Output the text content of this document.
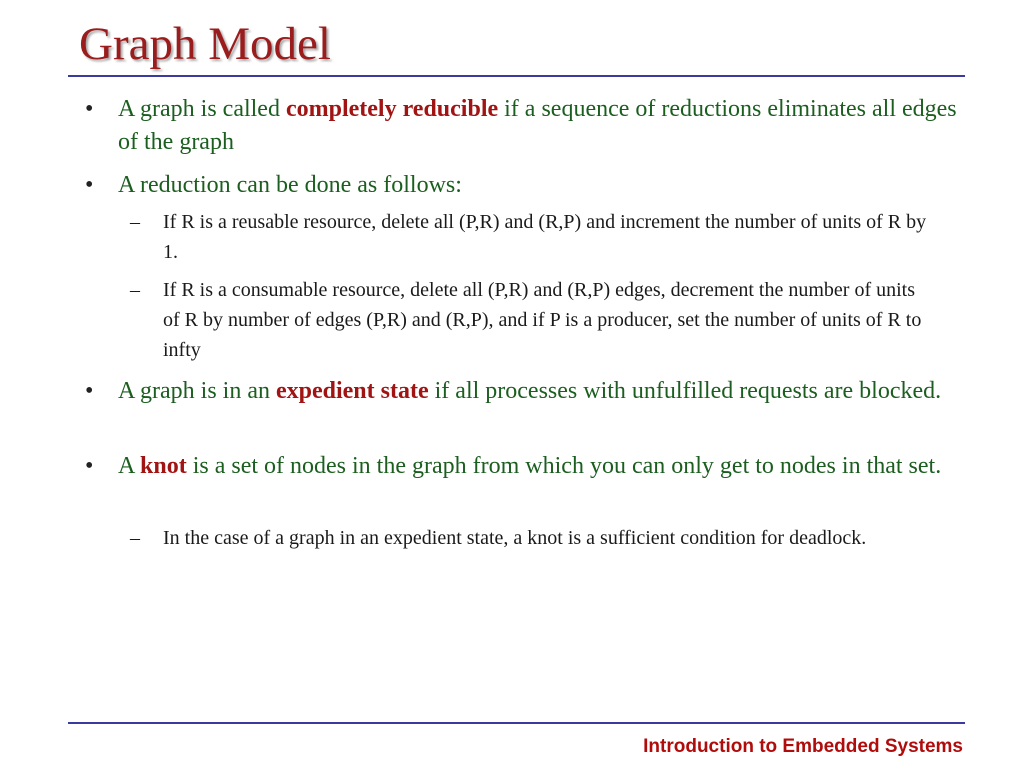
Graph Model
• A graph is called completely reducible if a sequence of reductions eliminates all edges of the graph
• A reduction can be done as follows:
– If R is a reusable resource, delete all (P,R) and (R,P) and increment the number of units of R by 1.
– If R is a consumable resource, delete all (P,R) and (R,P) edges, decrement the number of units of R by number of edges (P,R) and (R,P), and if P is a producer, set the number of units of R to infty
• A graph is in an expedient state if all processes with unfulfilled requests are blocked.
• A knot is a set of nodes in the graph from which you can only get to nodes in that set.
– In the case of a graph in an expedient state, a knot is a sufficient condition for deadlock.
Introduction to Embedded Systems
